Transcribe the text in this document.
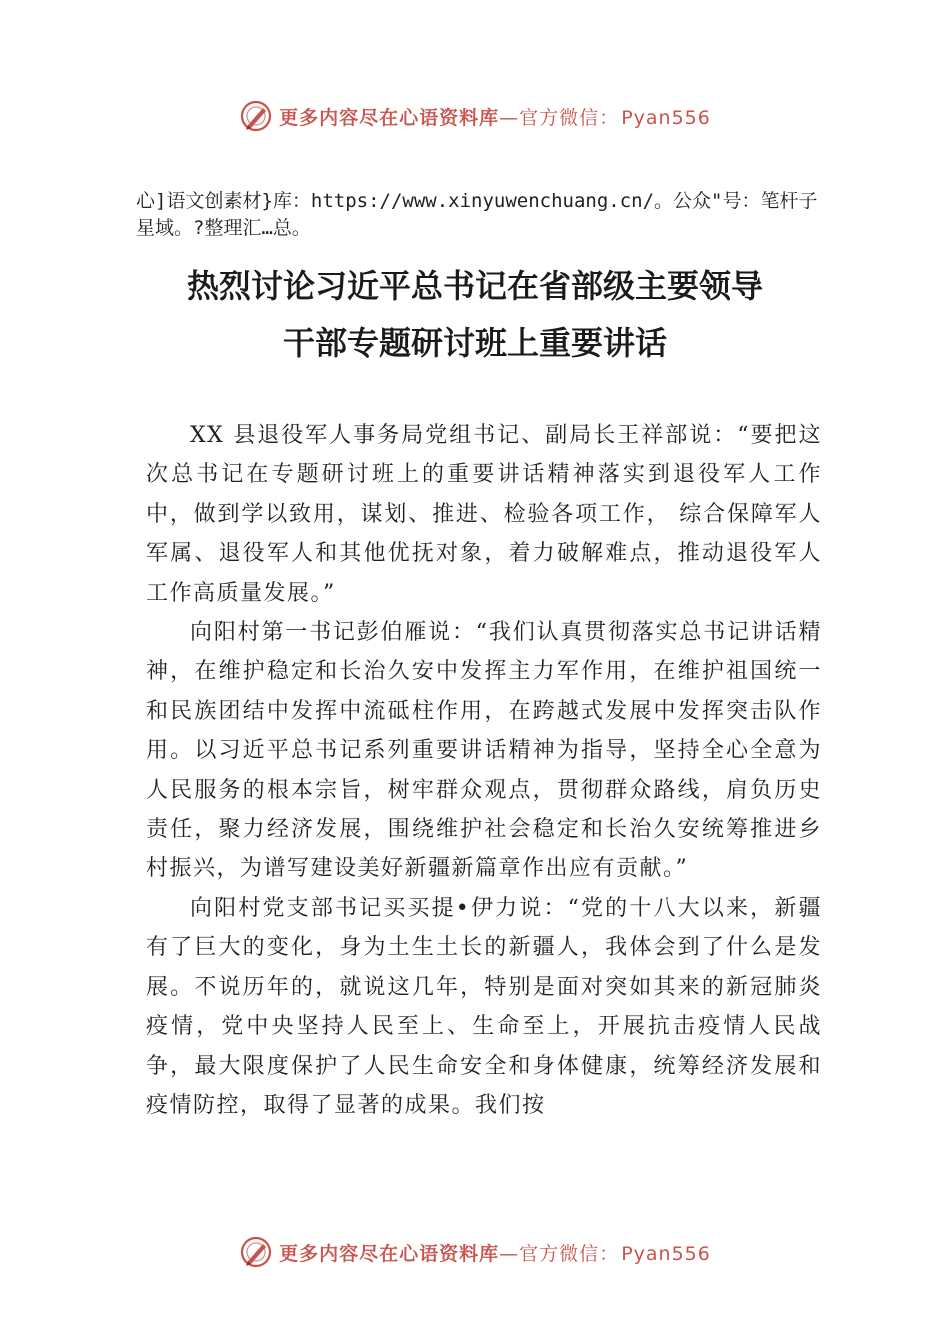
更多内容尽在心语资料库—官方微信： Pyan556
心]语文创素材}库：https://www.xinyuwenchuang.cn/。公众"号：笔杆子星域。?整理汇…总。
热烈讨论习近平总书记在省部级主要领导
干部专题研讨班上重要讲话

XX 县退役军人事务局党组书记、副局长王祥部说：“要把这次总书记在专题研讨班上的重要讲话精神落实到退役军人工作中，做到学以致用，谋划、推进、检验各项工作， 综合保障军人军属、退役军人和其他优抚对象，着力破解难点，推动退役军人工作高质量发展。”

向阳村第一书记彭伯雁说：“我们认真贯彻落实总书记讲话精神，在维护稳定和长治久安中发挥主力军作用，在维护祖国统一和民族团结中发挥中流砥柱作用，在跨越式发展中发挥突击队作用。以习近平总书记系列重要讲话精神为指导，坚持全心全意为人民服务的根本宗旨，树牢群众观点，贯彻群众路线，肩负历史责任，聚力经济发展，围绕维护社会稳定和长治久安统筹推进乡村振兴，为谱写建设美好新疆新篇章作出应有贡献。”

向阳村党支部书记买买提•伊力说：“党的十八大以来，新疆有了巨大的变化，身为土生土长的新疆人，我体会到了什么是发展。不说历年的，就说这几年，特别是面对突如其来的新冠肺炎疫情，党中央坚持人民至上、生命至上，开展抗击疫情人民战争，最大限度保护了人民生命安全和身体健康，统筹经济发展和疫情防控，取得了显著的成果。我们按

更多内容尽在心语资料库—官方微信： Pyan556
